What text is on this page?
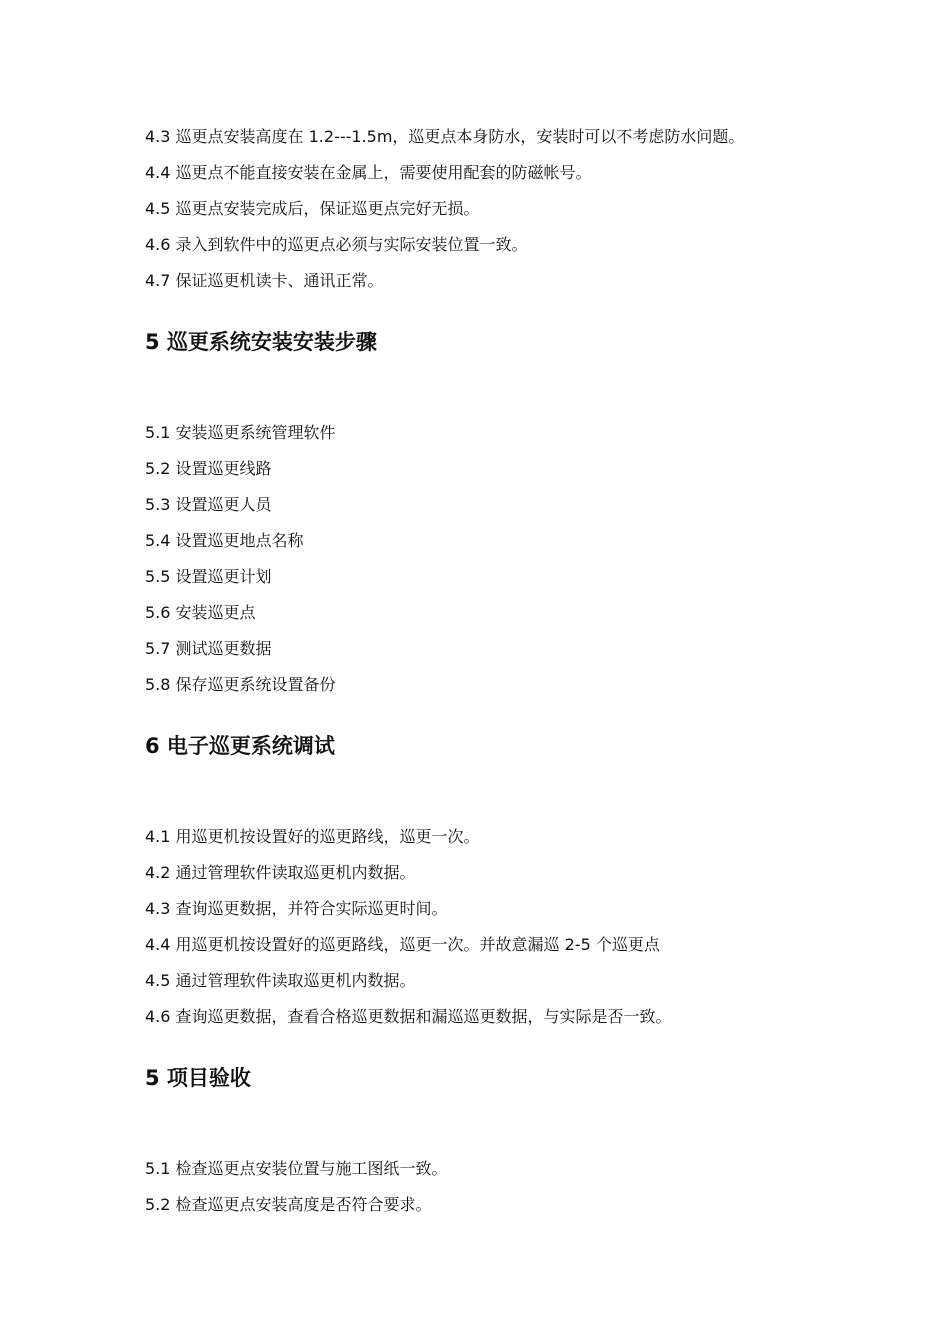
4.3 巡更点安装高度在 1.2---1.5m，巡更点本身防水，安装时可以不考虑防水问题。
4.4 巡更点不能直接安装在金属上，需要使用配套的防磁帐号。
4.5 巡更点安装完成后，保证巡更点完好无损。
4.6 录入到软件中的巡更点必须与实际安装位置一致。
4.7 保证巡更机读卡、通讯正常。
5 巡更系统安装安装步骤
5.1 安装巡更系统管理软件
5.2 设置巡更线路
5.3 设置巡更人员
5.4 设置巡更地点名称
5.5 设置巡更计划
5.6 安装巡更点
5.7 测试巡更数据
5.8 保存巡更系统设置备份
6 电子巡更系统调试
4.1 用巡更机按设置好的巡更路线，巡更一次。
4.2 通过管理软件读取巡更机内数据。
4.3 查询巡更数据，并符合实际巡更时间。
4.4 用巡更机按设置好的巡更路线，巡更一次。并故意漏巡 2-5 个巡更点
4.5 通过管理软件读取巡更机内数据。
4.6 查询巡更数据，查看合格巡更数据和漏巡巡更数据，与实际是否一致。
5 项目验收
5.1 检查巡更点安装位置与施工图纸一致。
5.2 检查巡更点安装高度是否符合要求。
